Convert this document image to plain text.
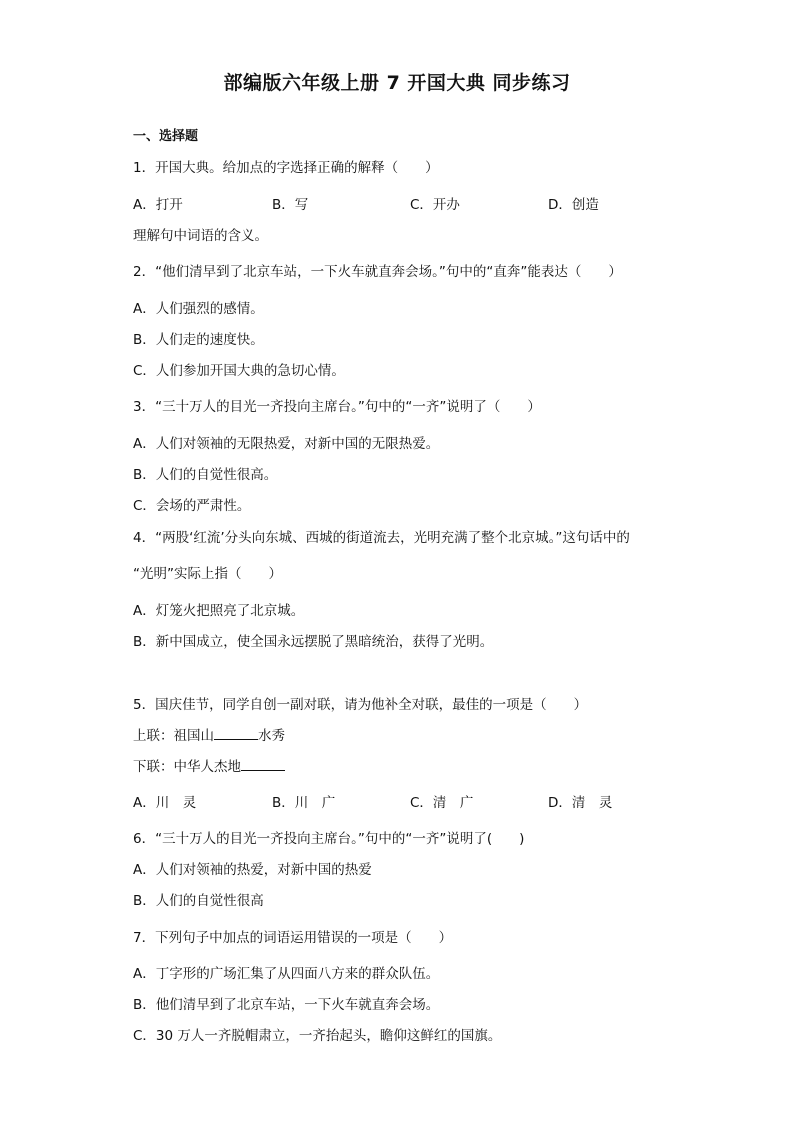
部编版六年级上册 7 开国大典 同步练习
一、选择题
1．开国大典。给加点的字选择正确的解释（　　）
A．打开	B．写	C．开办	D．创造
理解句中词语的含义。
2．“他们清早到了北京车站，一下火车就直奔会场。”句中的“直奔”能表达（　　）
A．人们强烈的感情。
B．人们走的速度快。
C．人们参加开国大典的急切心情。
3．“三十万人的目光一齐投向主席台。”句中的“一齐”说明了（　　）
A．人们对领袖的无限热爱，对新中国的无限热爱。
B．人们的自觉性很高。
C．会场的严肃性。
4．“两股‘红流’分头向东城、西城的街道流去，光明充满了整个北京城。”这句话中的
“光明”实际上指（　　）
A．灯笼火把照亮了北京城。
B．新中国成立，使全国永远摆脱了黑暗统治，获得了光明。
5．国庆佳节，同学自创一副对联，请为他补全对联，最佳的一项是（　　）
上联：祖国山	水秀
下联：中华人杰地
A．川　灵	B．川　广	C．清　广	D．清　灵
6．“三十万人的目光一齐投向主席台。”句中的“一齐”说明了(　　)
A．人们对领袖的热爱，对新中国的热爱
B．人们的自觉性很高
7．下列句子中加点的词语运用错误的一项是（　　）
A．丁字形的广场汇集了从四面八方来的群众队伍。
B．他们清早到了北京车站，一下火车就直奔会场。
C．30 万人一齐脱帽肃立，一齐抬起头，瞻仰这鲜红的国旗。
